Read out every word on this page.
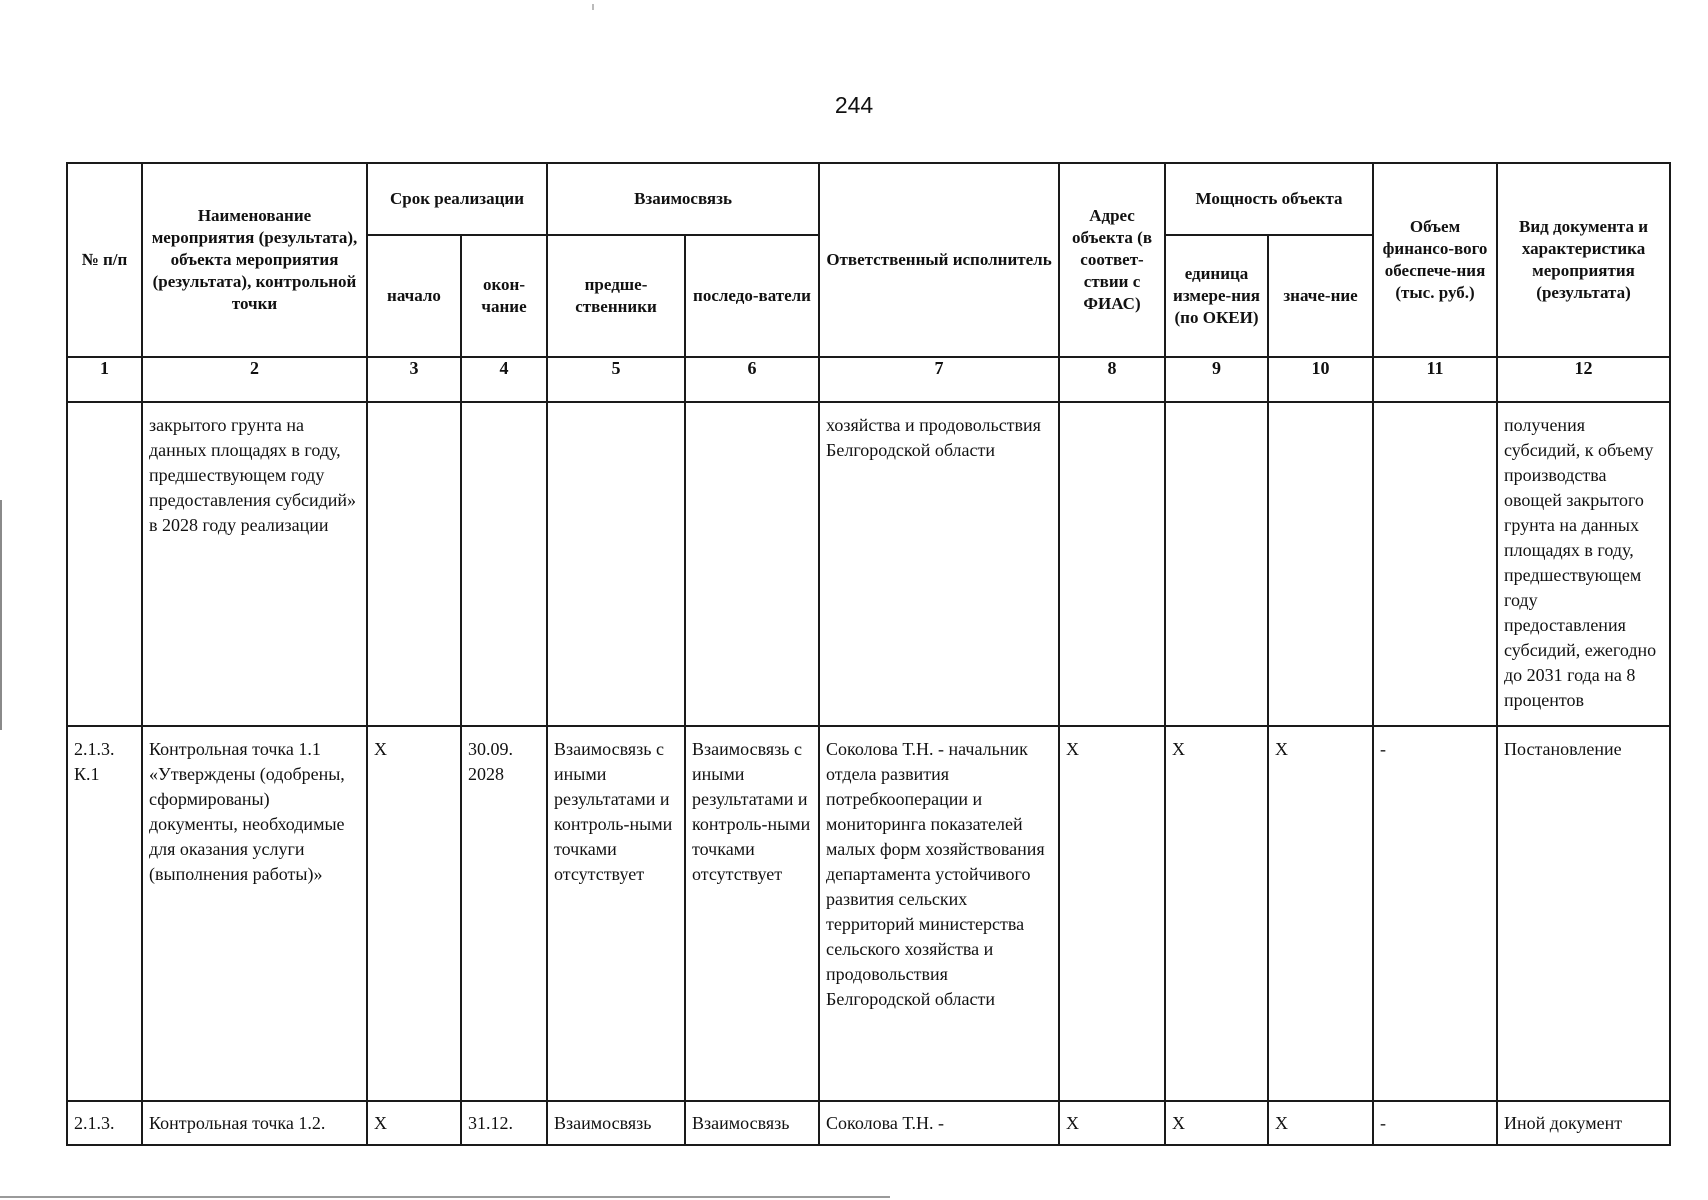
244
№ п/п	Наименование мероприятия (результата), объекта мероприятия (результата), контрольной точки	Срок реализации		Взаимосвязь		Ответственный исполнитель	Адрес объекта (в соответ-ствии с ФИАС)	Мощность объекта		Объем финансо-вого обеспече-ния (тыс. руб.)	Вид документа и характеристика мероприятия (результата)
		начало	окон-чание	предше-ственники	последо-ватели			единица измере-ния (по ОКЕИ)	значе-ние		
1	2	3	4	5	6	7	8	9	10	11	12

	закрытого грунта на данных площадях в году, предшествующем году предоставления субсидий» в 2028 году реализации					хозяйства и продовольствия Белгородской области					получения субсидий, к объему производства овощей закрытого грунта на данных площадях в году, предшествующем году предоставления субсидий, ежегодно до 2031 года на 8 процентов

2.1.3. К.1	Контрольная точка 1.1 «Утверждены (одобрены, сформированы) документы, необходимые для оказания услуги (выполнения работы)»	X	30.09. 2028	Взаимосвязь с иными результатами и контроль-ными точками отсутствует	Взаимосвязь с иными результатами и контроль-ными точками отсутствует	Соколова Т.Н. - начальник отдела развития потребкооперации и мониторинга показателей малых форм хозяйствования департамента устойчивого развития сельских территорий министерства сельского хозяйства и продовольствия Белгородской области	X	X	X	-	Постановление

2.1.3.	Контрольная точка 1.2.	X	31.12.	Взаимосвязь	Взаимосвязь	Соколова Т.Н. -	X	X	X	-	Иной документ
